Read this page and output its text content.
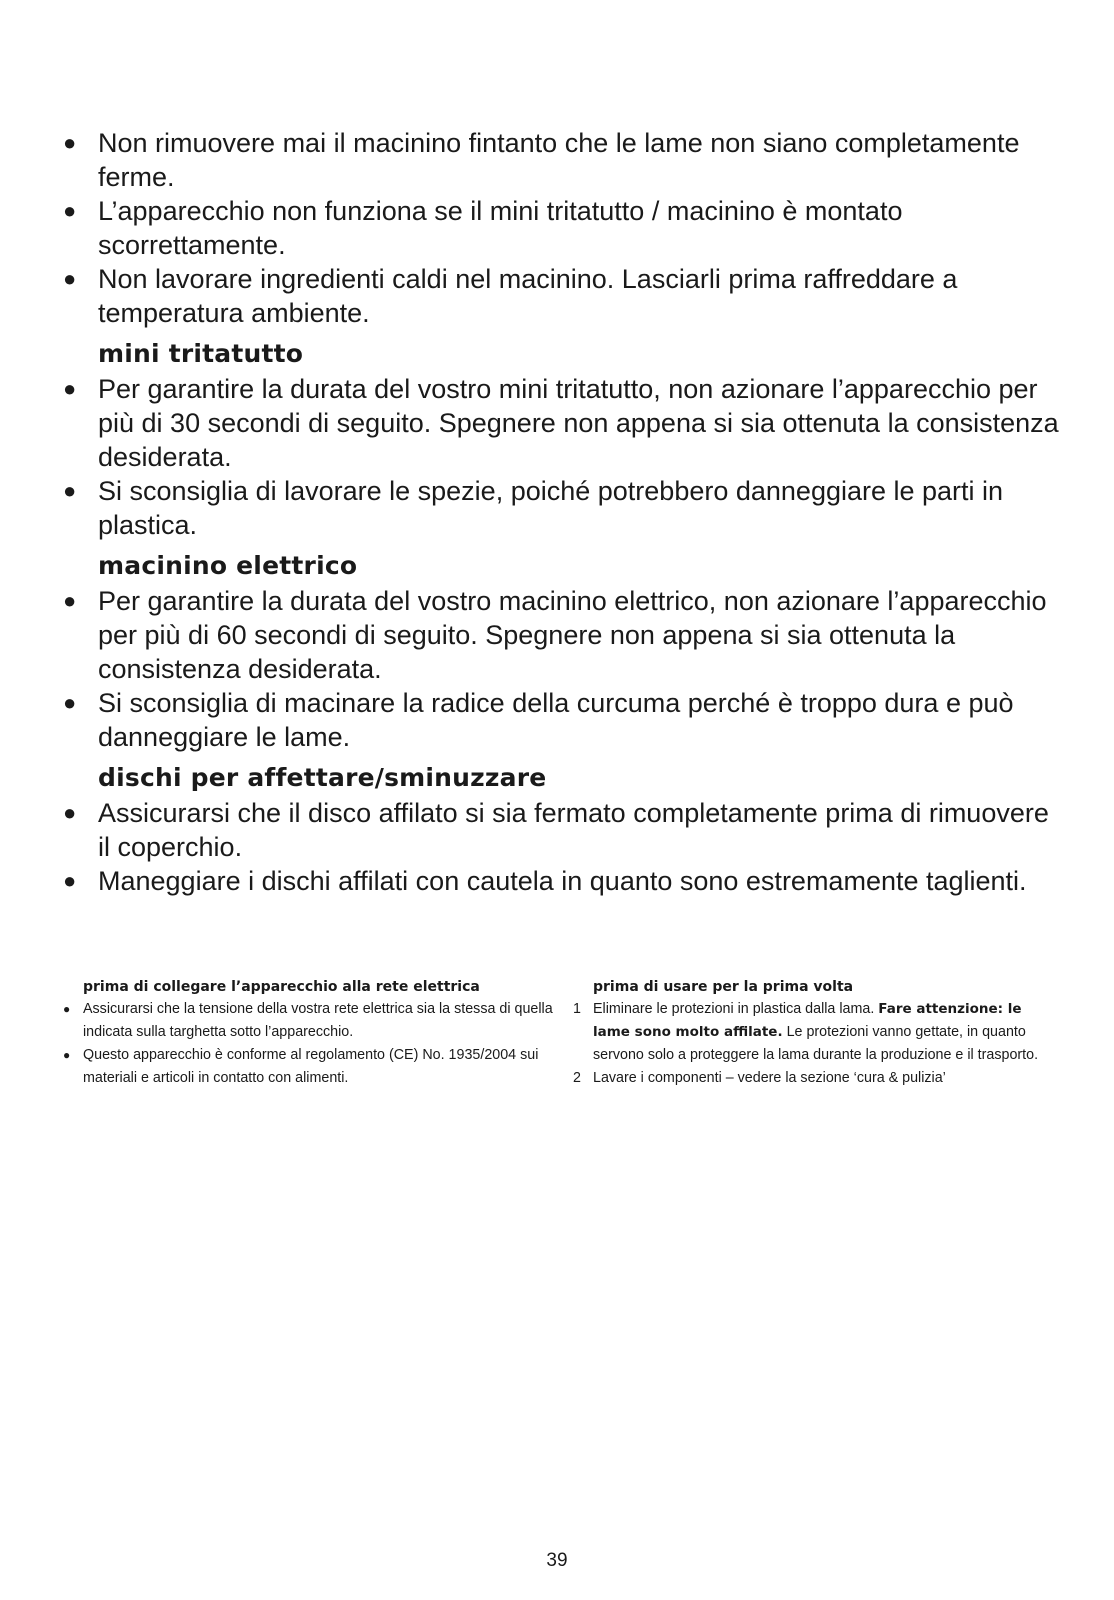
● Non rimuovere mai il macinino fintanto che le lame non siano completamente ferme.
● L’apparecchio non funziona se il mini tritatutto / macinino è montato scorrettamente.
● Non lavorare ingredienti caldi nel macinino. Lasciarli prima raffreddare a temperatura ambiente.
mini tritatutto
● Per garantire la durata del vostro mini tritatutto, non azionare l’apparecchio per più di 30 secondi di seguito. Spegnere non appena si sia ottenuta la consistenza desiderata.
● Si sconsiglia di lavorare le spezie, poiché potrebbero danneggiare le parti in plastica.
macinino elettrico
● Per garantire la durata del vostro macinino elettrico, non azionare l’apparecchio per più di 60 secondi di seguito. Spegnere non appena si sia ottenuta la consistenza desiderata.
● Si sconsiglia di macinare la radice della curcuma perché è troppo dura e può danneggiare le lame.
dischi per affettare/sminuzzare
● Assicurarsi che il disco affilato si sia fermato completamente prima di rimuovere il coperchio.
● Maneggiare i dischi affilati con cautela in quanto sono estremamente taglienti.
prima di collegare l’apparecchio alla rete elettrica
● Assicurarsi che la tensione della vostra rete elettrica sia la stessa di quella indicata sulla targhetta sotto l’apparecchio.
● Questo apparecchio è conforme al regolamento (CE) No. 1935/2004 sui materiali e articoli in contatto con alimenti.
prima di usare per la prima volta
1 Eliminare le protezioni in plastica dalla lama. Fare attenzione: le lame sono molto affilate. Le protezioni vanno gettate, in quanto servono solo a proteggere la lama durante la produzione e il trasporto.
2 Lavare i componenti – vedere la sezione ‘cura & pulizia’
39
